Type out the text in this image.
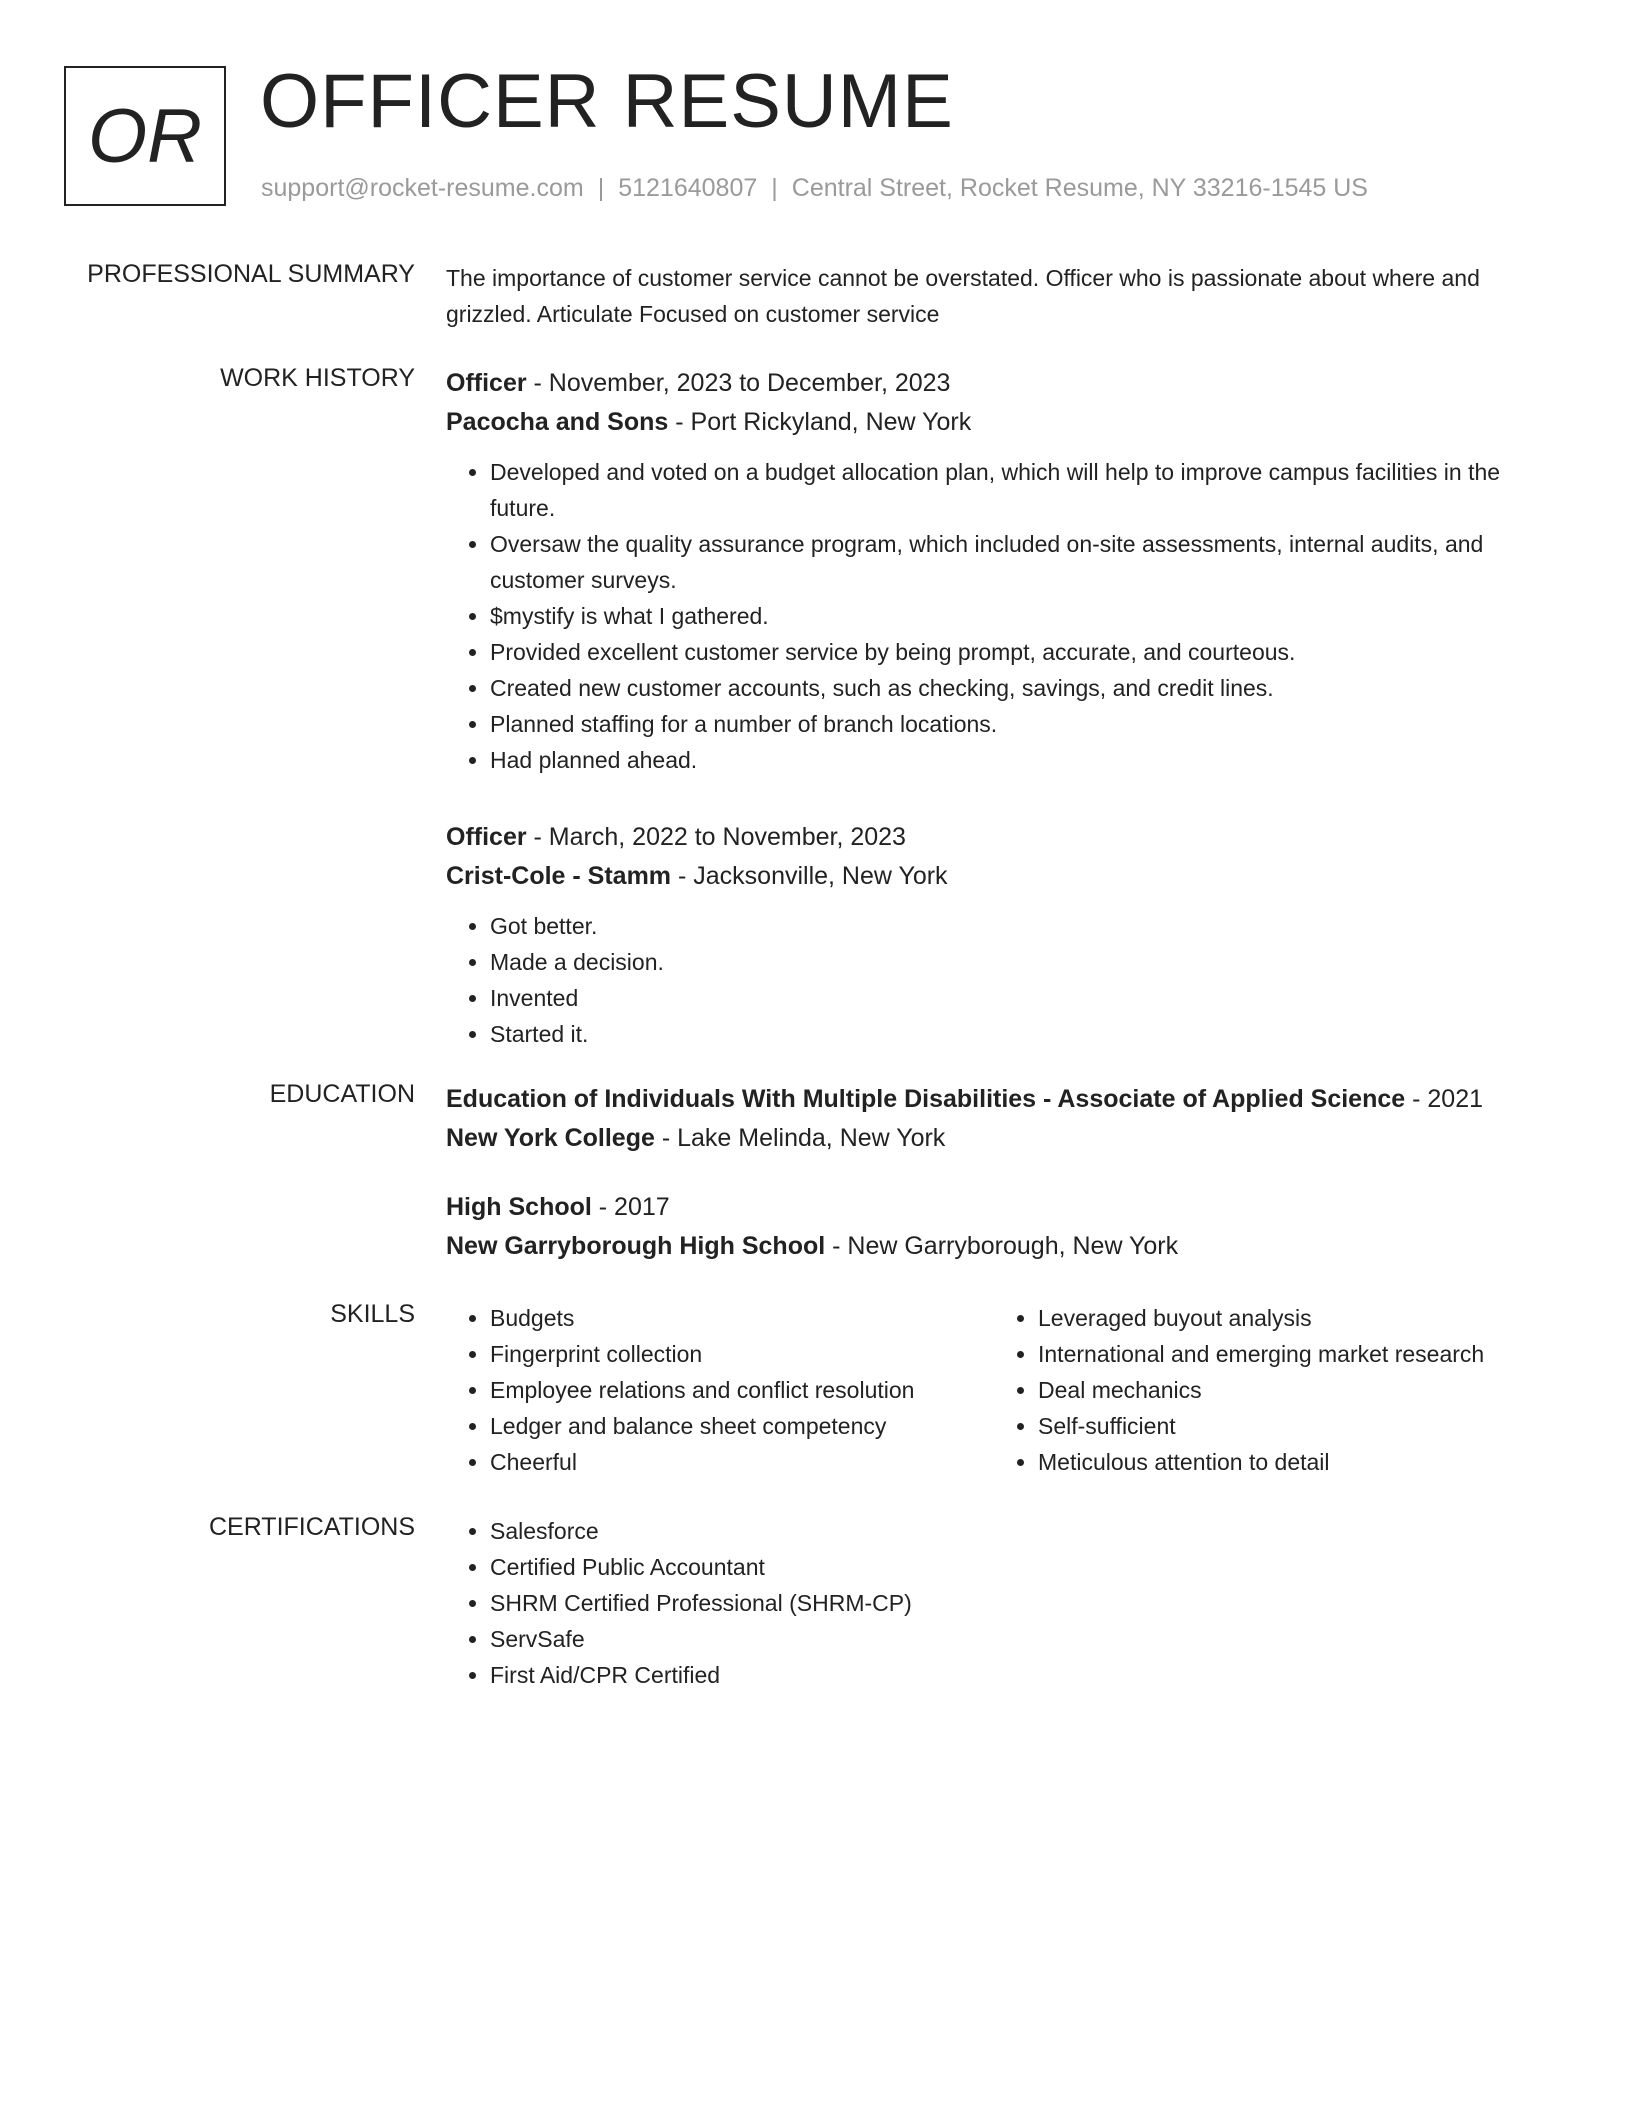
OR OFFICER RESUME
support@rocket-resume.com | 5121640807 | Central Street, Rocket Resume, NY 33216-1545 US
PROFESSIONAL SUMMARY The importance of customer service cannot be overstated. Officer who is passionate about where and grizzled. Articulate Focused on customer service
WORK HISTORY Officer - November, 2023 to December, 2023
Pacocha and Sons - Port Rickyland, New York
• Developed and voted on a budget allocation plan, which will help to improve campus facilities in the future.
• Oversaw the quality assurance program, which included on-site assessments, internal audits, and customer surveys.
• $mystify is what I gathered.
• Provided excellent customer service by being prompt, accurate, and courteous.
• Created new customer accounts, such as checking, savings, and credit lines.
• Planned staffing for a number of branch locations.
• Had planned ahead.
Officer - March, 2022 to November, 2023
Crist-Cole - Stamm - Jacksonville, New York
• Got better.
• Made a decision.
• Invented
• Started it.
EDUCATION Education of Individuals With Multiple Disabilities - Associate of Applied Science - 2021
New York College - Lake Melinda, New York
High School - 2017
New Garryborough High School - New Garryborough, New York
SKILLS	• Budgets
• Fingerprint collection
• Employee relations and conflict resolution
• Ledger and balance sheet competency
• Cheerful
• Leveraged buyout analysis
• International and emerging market research
• Deal mechanics
• Self-sufficient
• Meticulous attention to detail
CERTIFICATIONS	• Salesforce
• Certified Public Accountant
• SHRM Certified Professional (SHRM-CP)
• ServSafe
• First Aid/CPR Certified
